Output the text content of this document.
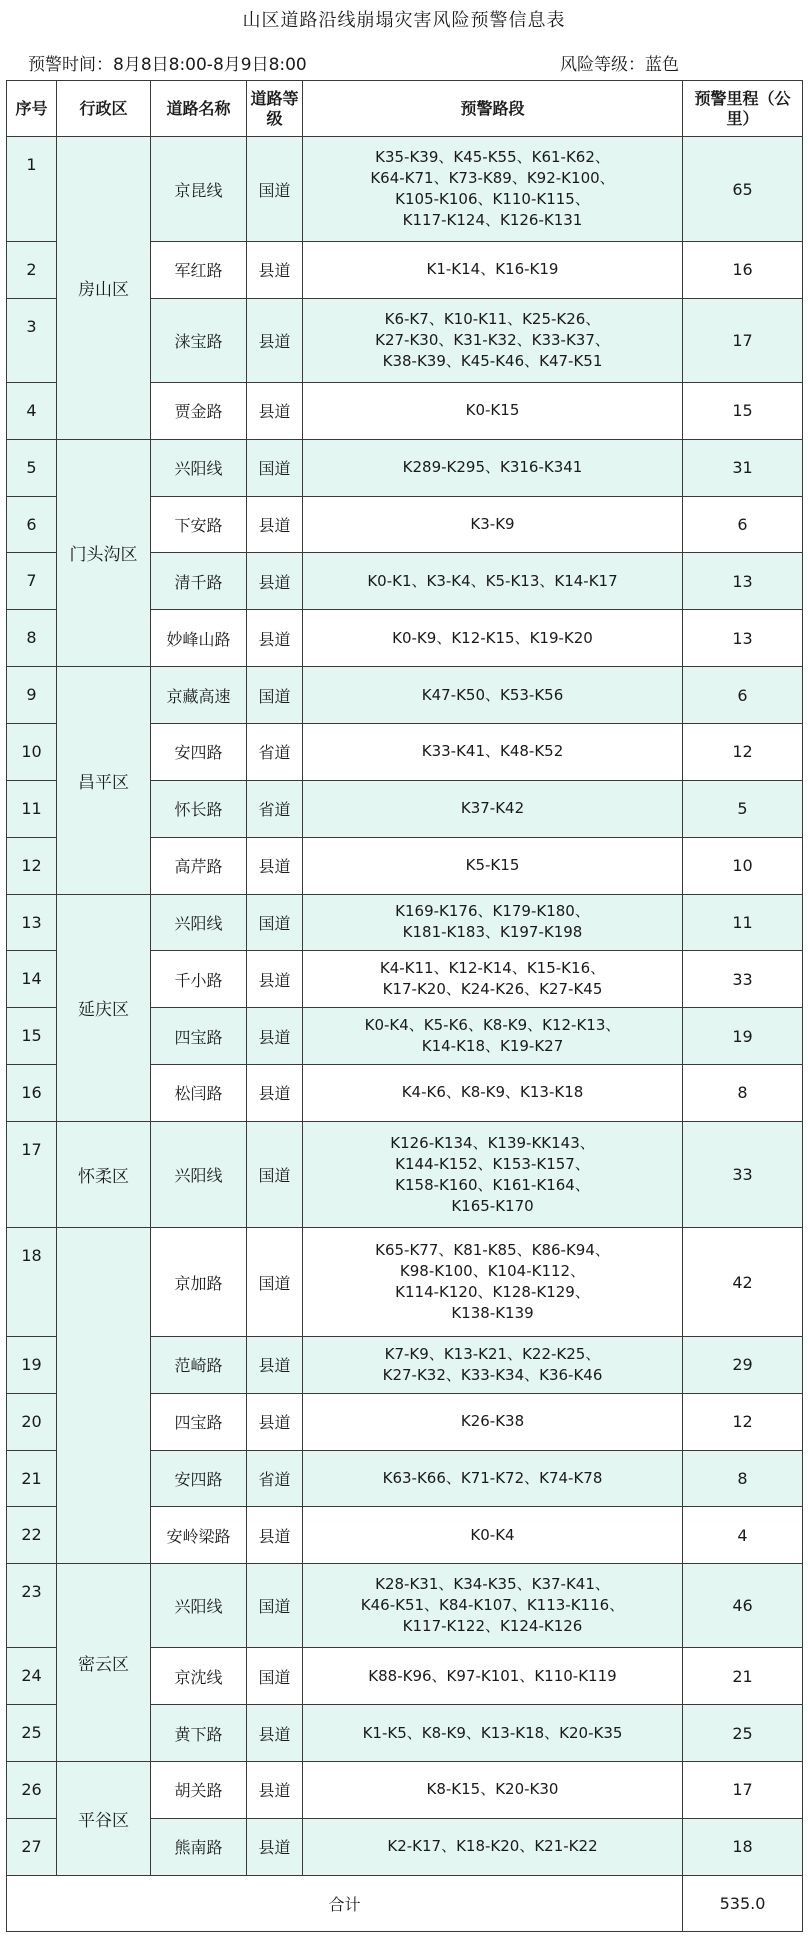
山区道路沿线崩塌灾害风险预警信息表
预警时间：8月8日8:00-8月9日8:00	风险等级：蓝色
序号	行政区	道路名称	道路等级	预警路段	预警里程（公里）
1	房山区	京昆线	国道	K35-K39、K45-K55、K61-K62、
K64-K71、K73-K89、K92-K100、
K105-K106、K110-K115、
K117-K124、K126-K131	65
2		军红路	县道	K1-K14、K16-K19	16
3		涞宝路	县道	K6-K7、K10-K11、K25-K26、
K27-K30、K31-K32、K33-K37、
K38-K39、K45-K46、K47-K51	17
4		贾金路	县道	K0-K15	15
5	门头沟区	兴阳线	国道	K289-K295、K316-K341	31
6		下安路	县道	K3-K9	6
7		清千路	县道	K0-K1、K3-K4、K5-K13、K14-K17	13
8		妙峰山路	县道	K0-K9、K12-K15、K19-K20	13
9	昌平区	京藏高速	国道	K47-K50、K53-K56	6
10		安四路	省道	K33-K41、K48-K52	12
11		怀长路	省道	K37-K42	5
12		高芹路	县道	K5-K15	10
13	延庆区	兴阳线	国道	K169-K176、K179-K180、
K181-K183、K197-K198	11
14		千小路	县道	K4-K11、K12-K14、K15-K16、
K17-K20、K24-K26、K27-K45	33
15		四宝路	县道	K0-K4、K5-K6、K8-K9、K12-K13、
K14-K18、K19-K27	19
16		松闫路	县道	K4-K6、K8-K9、K13-K18	8
17	怀柔区	兴阳线	国道	K126-K134、K139-KK143、
K144-K152、K153-K157、
K158-K160、K161-K164、
K165-K170	33
18		京加路	国道	K65-K77、K81-K85、K86-K94、
K98-K100、K104-K112、
K114-K120、K128-K129、
K138-K139	42
19		范崎路	县道	K7-K9、K13-K21、K22-K25、
K27-K32、K33-K34、K36-K46	29
20		四宝路	县道	K26-K38	12
21		安四路	省道	K63-K66、K71-K72、K74-K78	8
22		安岭梁路	县道	K0-K4	4
23	密云区	兴阳线	国道	K28-K31、K34-K35、K37-K41、
K46-K51、K84-K107、K113-K116、
K117-K122、K124-K126	46
24		京沈线	国道	K88-K96、K97-K101、K110-K119	21
25		黄下路	县道	K1-K5、K8-K9、K13-K18、K20-K35	25
26	平谷区	胡关路	县道	K8-K15、K20-K30	17
27		熊南路	县道	K2-K17、K18-K20、K21-K22	18
合计					535.0
